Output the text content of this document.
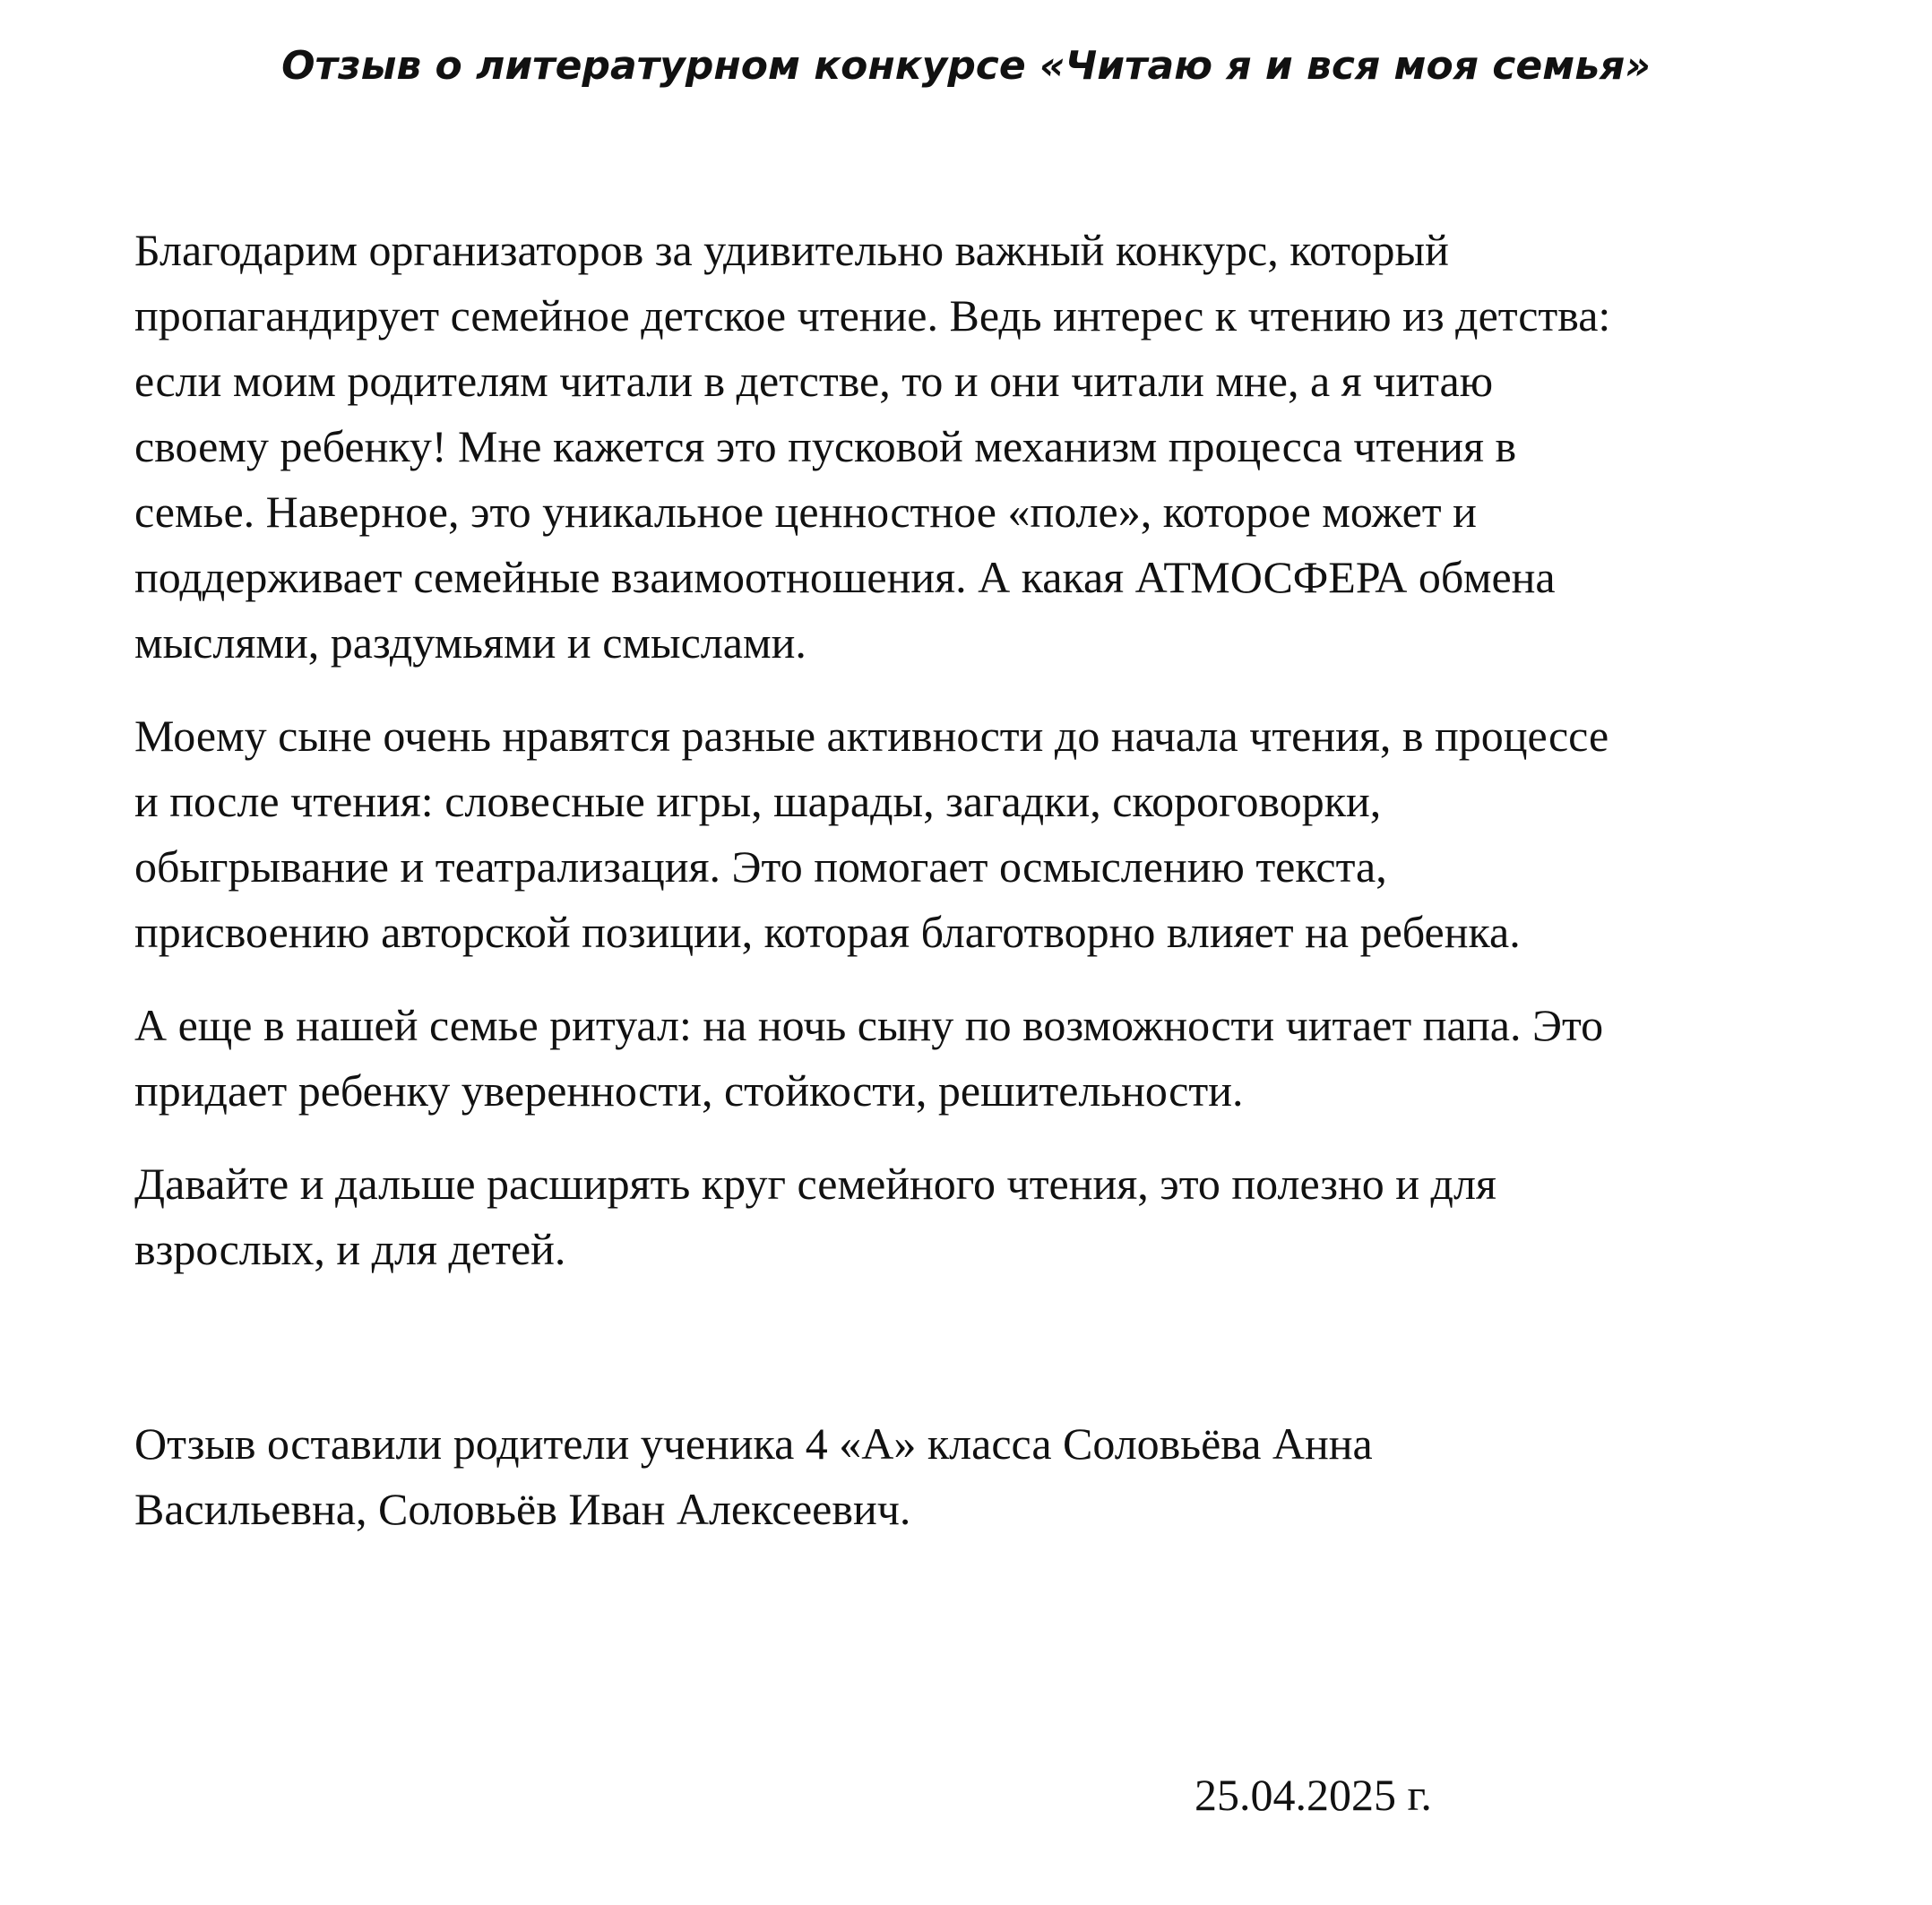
Отзыв о литературном конкурсе «Читаю я и вся моя семья»

Благодарим организаторов за удивительно важный конкурс, который
пропагандирует семейное детское чтение. Ведь интерес к чтению из детства:
если моим родителям читали в детстве, то и они читали мне, а я читаю
своему ребенку! Мне кажется это пусковой механизм процесса чтения в
семье. Наверное, это уникальное ценностное «поле», которое может и
поддерживает семейные взаимоотношения. А какая АТМОСФЕРА обмена
мыслями, раздумьями и смыслами.

Моему сыне очень нравятся разные активности до начала чтения, в процессе
и после чтения: словесные игры, шарады, загадки, скороговорки,
обыгрывание и театрализация. Это помогает осмыслению текста,
присвоению авторской позиции, которая благотворно влияет на ребенка.

А еще в нашей семье ритуал: на ночь сыну по возможности читает папа. Это
придает ребенку уверенности, стойкости, решительности.

Давайте и дальше расширять круг семейного чтения, это полезно и для
взрослых, и для детей.

Отзыв оставили родители ученика 4 «А» класса Соловьёва Анна
Васильевна, Соловьёв Иван Алексеевич.

25.04.2025 г.
